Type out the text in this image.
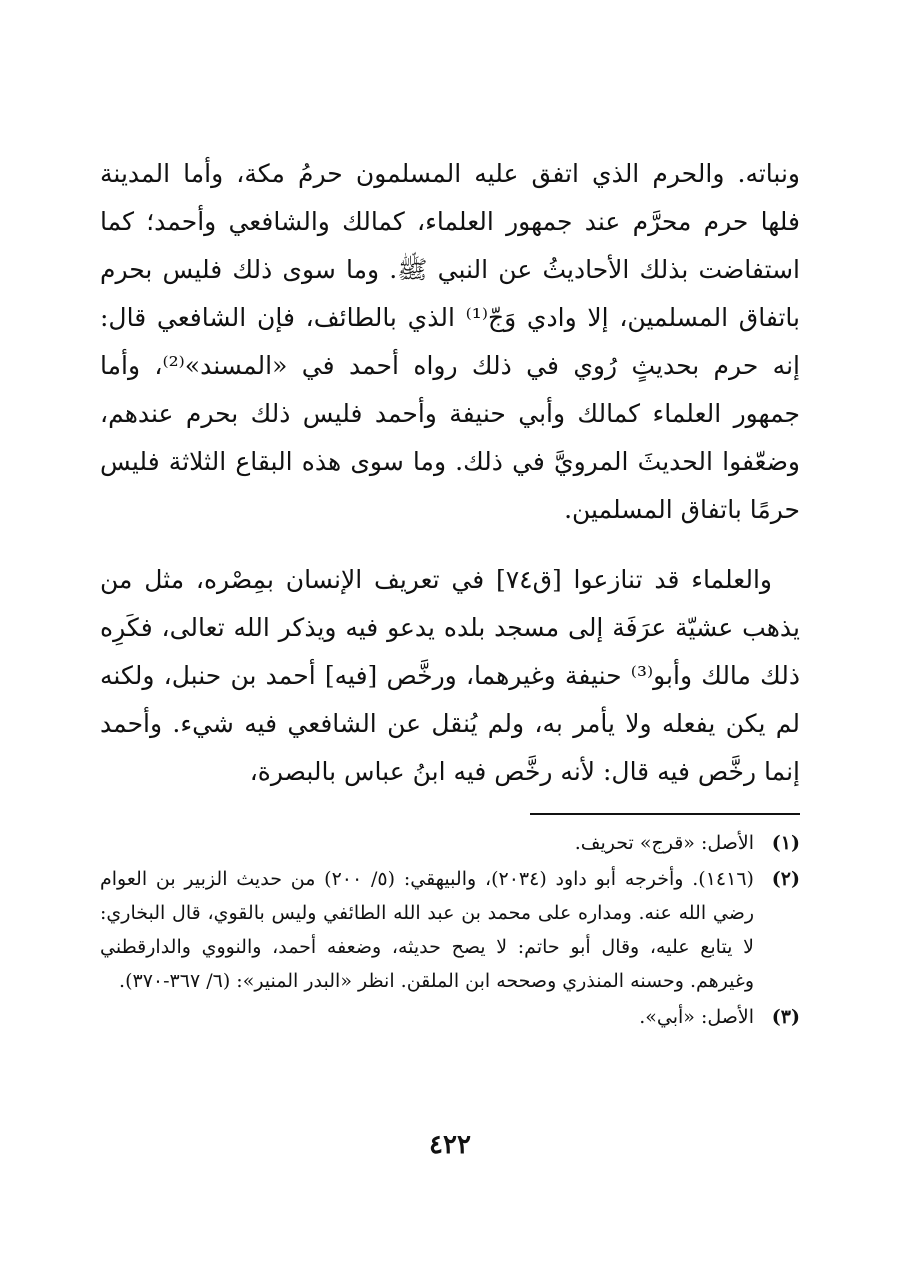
ونباته. والحرم الذي اتفق عليه المسلمون حرمُ مكة، وأما المدينة فلها حرم محرَّم عند جمهور العلماء، كمالك والشافعي وأحمد؛ كما استفاضت بذلك الأحاديثُ عن النبي ﷺ. وما سوى ذلك فليس بحرم باتفاق المسلمين، إلا وادي وَجّ⁽¹⁾ الذي بالطائف، فإن الشافعي قال: إنه حرم بحديثٍ رُوي في ذلك رواه أحمد في «المسند»⁽²⁾، وأما جمهور العلماء كمالك وأبي حنيفة وأحمد فليس ذلك بحرم عندهم، وضعّفوا الحديثَ المرويَّ في ذلك. وما سوى هذه البقاع الثلاثة فليس حرمًا باتفاق المسلمين.

والعلماء قد تنازعوا [ق٧٤] في تعريف الإنسان بمِصْره، مثل من يذهب عشيّة عرَفَة إلى مسجد بلده يدعو فيه ويذكر الله تعالى، فكَرِه ذلك مالك وأبو⁽³⁾ حنيفة وغيرهما، ورخَّص [فيه] أحمد بن حنبل، ولكنه لم يكن يفعله ولا يأمر به، ولم يُنقل عن الشافعي فيه شيء. وأحمد إنما رخَّص فيه قال: لأنه رخَّص فيه ابنُ عباس بالبصرة،

(١)
الأصل: «قرج» تحريف.
(٢)
(١٤١٦). وأخرجه أبو داود (٢٠٣٤)، والبيهقي: (٥/ ٢٠٠) من حديث الزبير بن العوام رضي الله عنه. ومداره على محمد بن عبد الله الطائفي وليس بالقوي، قال البخاري: لا يتابع عليه، وقال أبو حاتم: لا يصح حديثه، وضعفه أحمد، والنووي والدارقطني وغيرهم. وحسنه المنذري وصححه ابن الملقن. انظر «البدر المنير»: (٦/ ٣٦٧-٣٧٠).
(٣)
الأصل: «أبي».
٤٢٢
